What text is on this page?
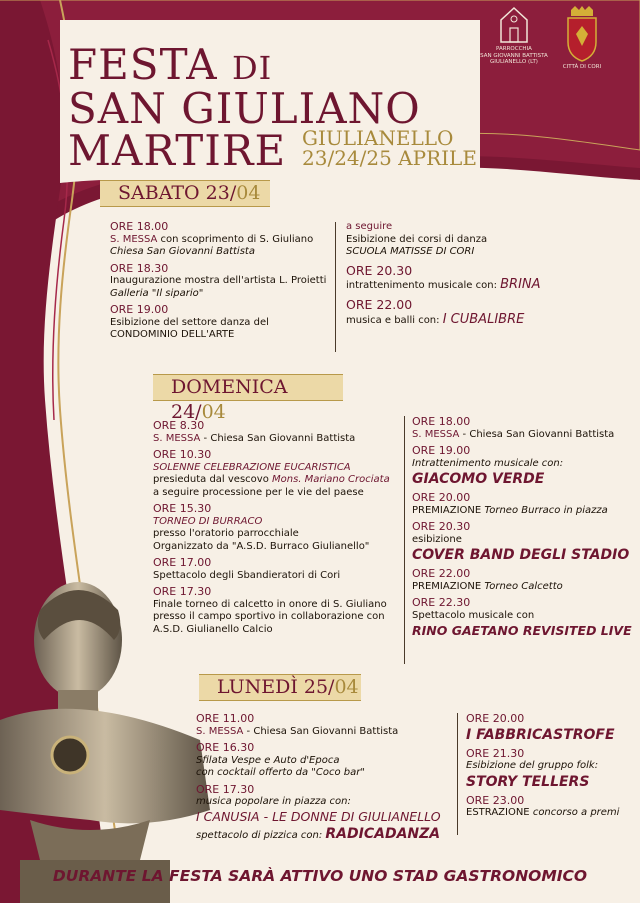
PARROCCHIA
SAN GIOVANNI BATTISTA
GIULIANELLO (LT)
CITTÀ DI CORI
FESTA DI
SAN GIULIANO
MARTIRE GIULIANELLO
23/24/25 APRILE
SABATO 23/04
DOMENICA 24/04
LUNEDÌ 25/04
ORE 18.00
S. MESSA con scoprimento di S. Giuliano
Chiesa San Giovanni Battista
ORE 18.30
Inaugurazione mostra dell'artista L. Proietti
Galleria "Il sipario"
ORE 19.00
Esibizione del settore danza del
CONDOMINIO DELL'ARTE
a seguire
Esibizione dei corsi di danza
SCUOLA MATISSE DI CORI
ORE 20.30
intrattenimento musicale con: BRINA
ORE 22.00
musica e balli con: I CUBALIBRE
ORE 8.30
S. MESSA - Chiesa San Giovanni Battista
ORE 10.30
SOLENNE CELEBRAZIONE EUCARISTICA
presieduta dal vescovo Mons. Mariano Crociata
a seguire processione per le vie del paese
ORE 15.30
TORNEO DI BURRACO
presso l'oratorio parrocchiale
Organizzato da "A.S.D. Burraco Giulianello"
ORE 17.00
Spettacolo degli Sbandieratori di Cori
ORE 17.30
Finale torneo di calcetto in onore di S. Giuliano
presso il campo sportivo in collaborazione con
A.S.D. Giulianello Calcio
ORE 18.00
S. MESSA - Chiesa San Giovanni Battista
ORE 19.00
Intrattenimento musicale con:
GIACOMO VERDE
ORE 20.00
PREMIAZIONE Torneo Burraco in piazza
ORE 20.30
esibizione
COVER BAND DEGLI STADIO
ORE 22.00
PREMIAZIONE Torneo Calcetto
ORE 22.30
Spettacolo musicale con
RINO GAETANO REVISITED LIVE
ORE 11.00
S. MESSA - Chiesa San Giovanni Battista
ORE 16.30
Sfilata Vespe e Auto d'Epoca
con cocktail offerto da "Coco bar"
ORE 17.30
musica popolare in piazza con:
I CANUSIA - LE DONNE DI GIULIANELLO
spettacolo di pizzica con: RADICADANZA
ORE 20.00
I FABBRICASTROFE
ORE 21.30
Esibizione del gruppo folk:
STORY TELLERS
ORE 23.00
ESTRAZIONE concorso a premi
DURANTE LA FESTA SARÀ ATTIVO UNO STAD GASTRONOMICO
